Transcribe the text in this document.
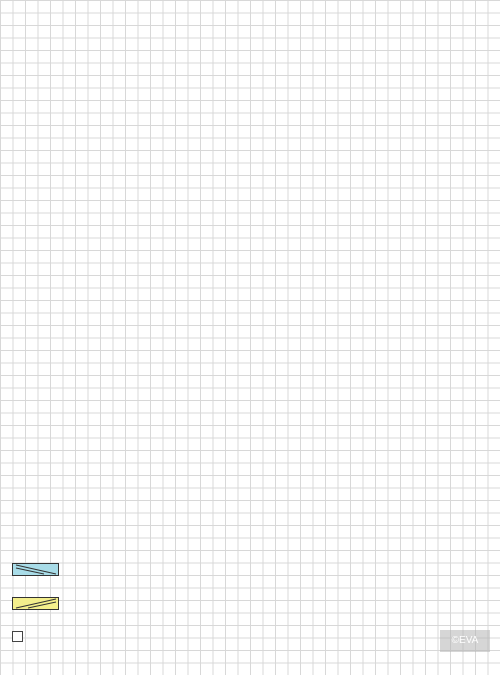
©EVA
